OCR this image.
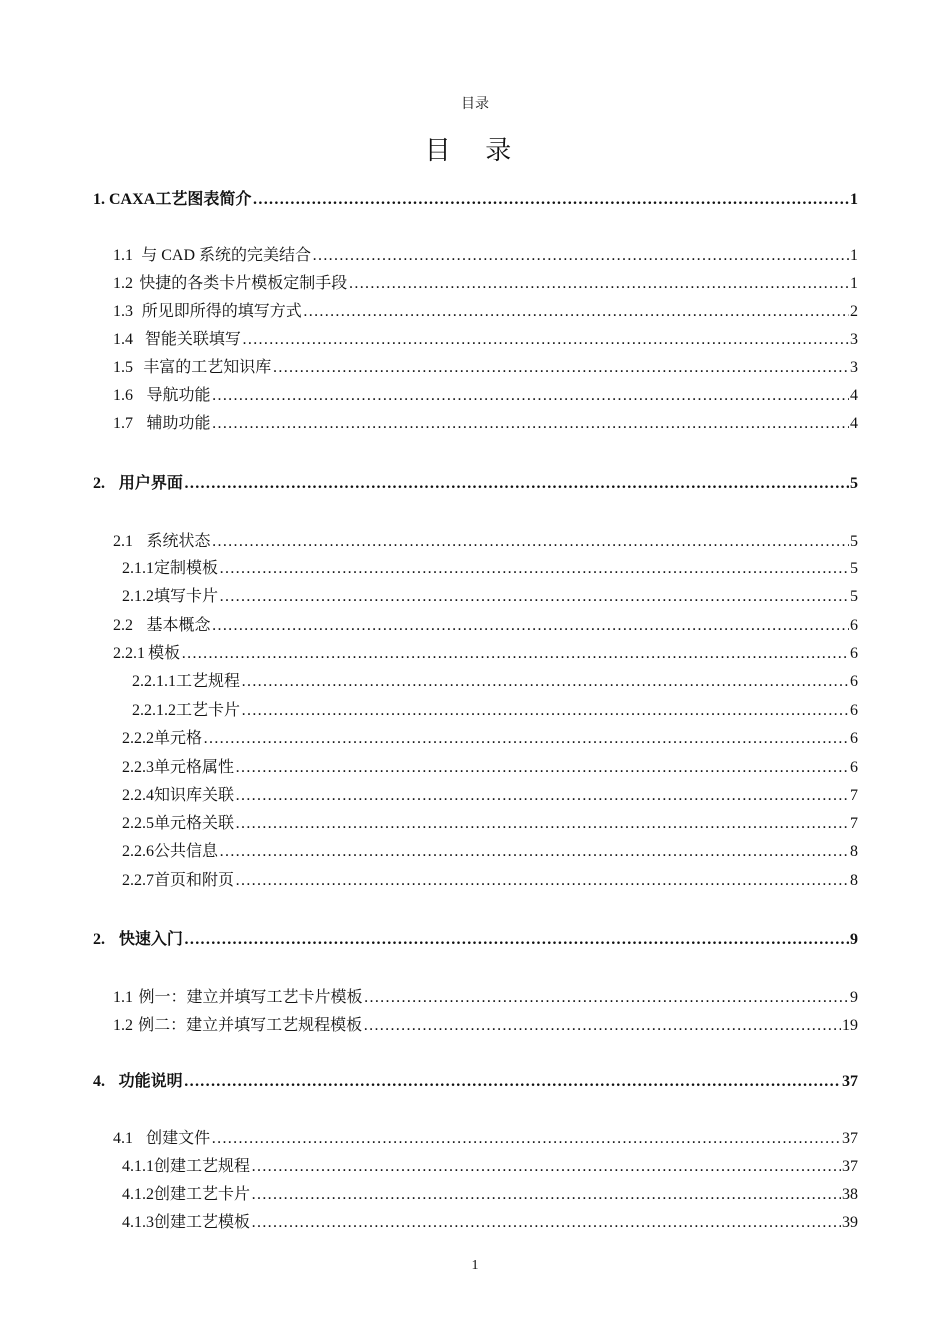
目录
目 录
1. CAXA 工艺图表简介 …………………………………………………………………………………………………………………………………………………………………	1
1.1 与 CAD 系统的完美结合 ………………………………………………………………………………………………………………………………………………………………………………………	1
1.2 快捷的各类卡片模板定制手段 ………………………………………………………………………………………………………………………………………………………………………………………	1
1.3 所见即所得的填写方式 ………………………………………………………………………………………………………………………………………………………………………………………	2
1.4 智能关联填写 ………………………………………………………………………………………………………………………………………………………………………………………	3
1.5 丰富的工艺知识库 ………………………………………………………………………………………………………………………………………………………………………………………	3
1.6 导航功能 ………………………………………………………………………………………………………………………………………………………………………………………	4
1.7 辅助功能 ………………………………………………………………………………………………………………………………………………………………………………………	4
2. 用户界面 …………………………………………………………………………………………………………………………………………………………………	5
2.1 系统状态 ………………………………………………………………………………………………………………………………………………………………………………………	5
2.1.1 定制模板 ………………………………………………………………………………………………………………………………………………………………………………………	5
2.1.2 填写卡片 ………………………………………………………………………………………………………………………………………………………………………………………	5
2.2 基本概念 ………………………………………………………………………………………………………………………………………………………………………………………	6
2.2.1 模板 ………………………………………………………………………………………………………………………………………………………………………………………	6
2.2.1.1 工艺规程 ………………………………………………………………………………………………………………………………………………………………………………………	6
2.2.1.2 工艺卡片 ………………………………………………………………………………………………………………………………………………………………………………………	6
2.2.2 单元格 ………………………………………………………………………………………………………………………………………………………………………………………	6
2.2.3 单元格属性 ………………………………………………………………………………………………………………………………………………………………………………………	6
2.2.4 知识库关联 ………………………………………………………………………………………………………………………………………………………………………………………	7
2.2.5 单元格关联 ………………………………………………………………………………………………………………………………………………………………………………………	7
2.2.6 公共信息 ………………………………………………………………………………………………………………………………………………………………………………………	8
2.2.7 首页和附页 ………………………………………………………………………………………………………………………………………………………………………………………	8
2. 快速入门 …………………………………………………………………………………………………………………………………………………………………	9
1.1 例一：建立并填写工艺卡片模板 ………………………………………………………………………………………………………………………………………………………………………………………	9
1.2 例二：建立并填写工艺规程模板 ………………………………………………………………………………………………………………………………………………………………………………………	19
4. 功能说明 …………………………………………………………………………………………………………………………………………………………………	37
4.1 创建文件 ………………………………………………………………………………………………………………………………………………………………………………………	37
4.1.1 创建工艺规程 ………………………………………………………………………………………………………………………………………………………………………………………	37
4.1.2 创建工艺卡片 ………………………………………………………………………………………………………………………………………………………………………………………	38
4.1.3 创建工艺模板 ………………………………………………………………………………………………………………………………………………………………………………………	39
1
